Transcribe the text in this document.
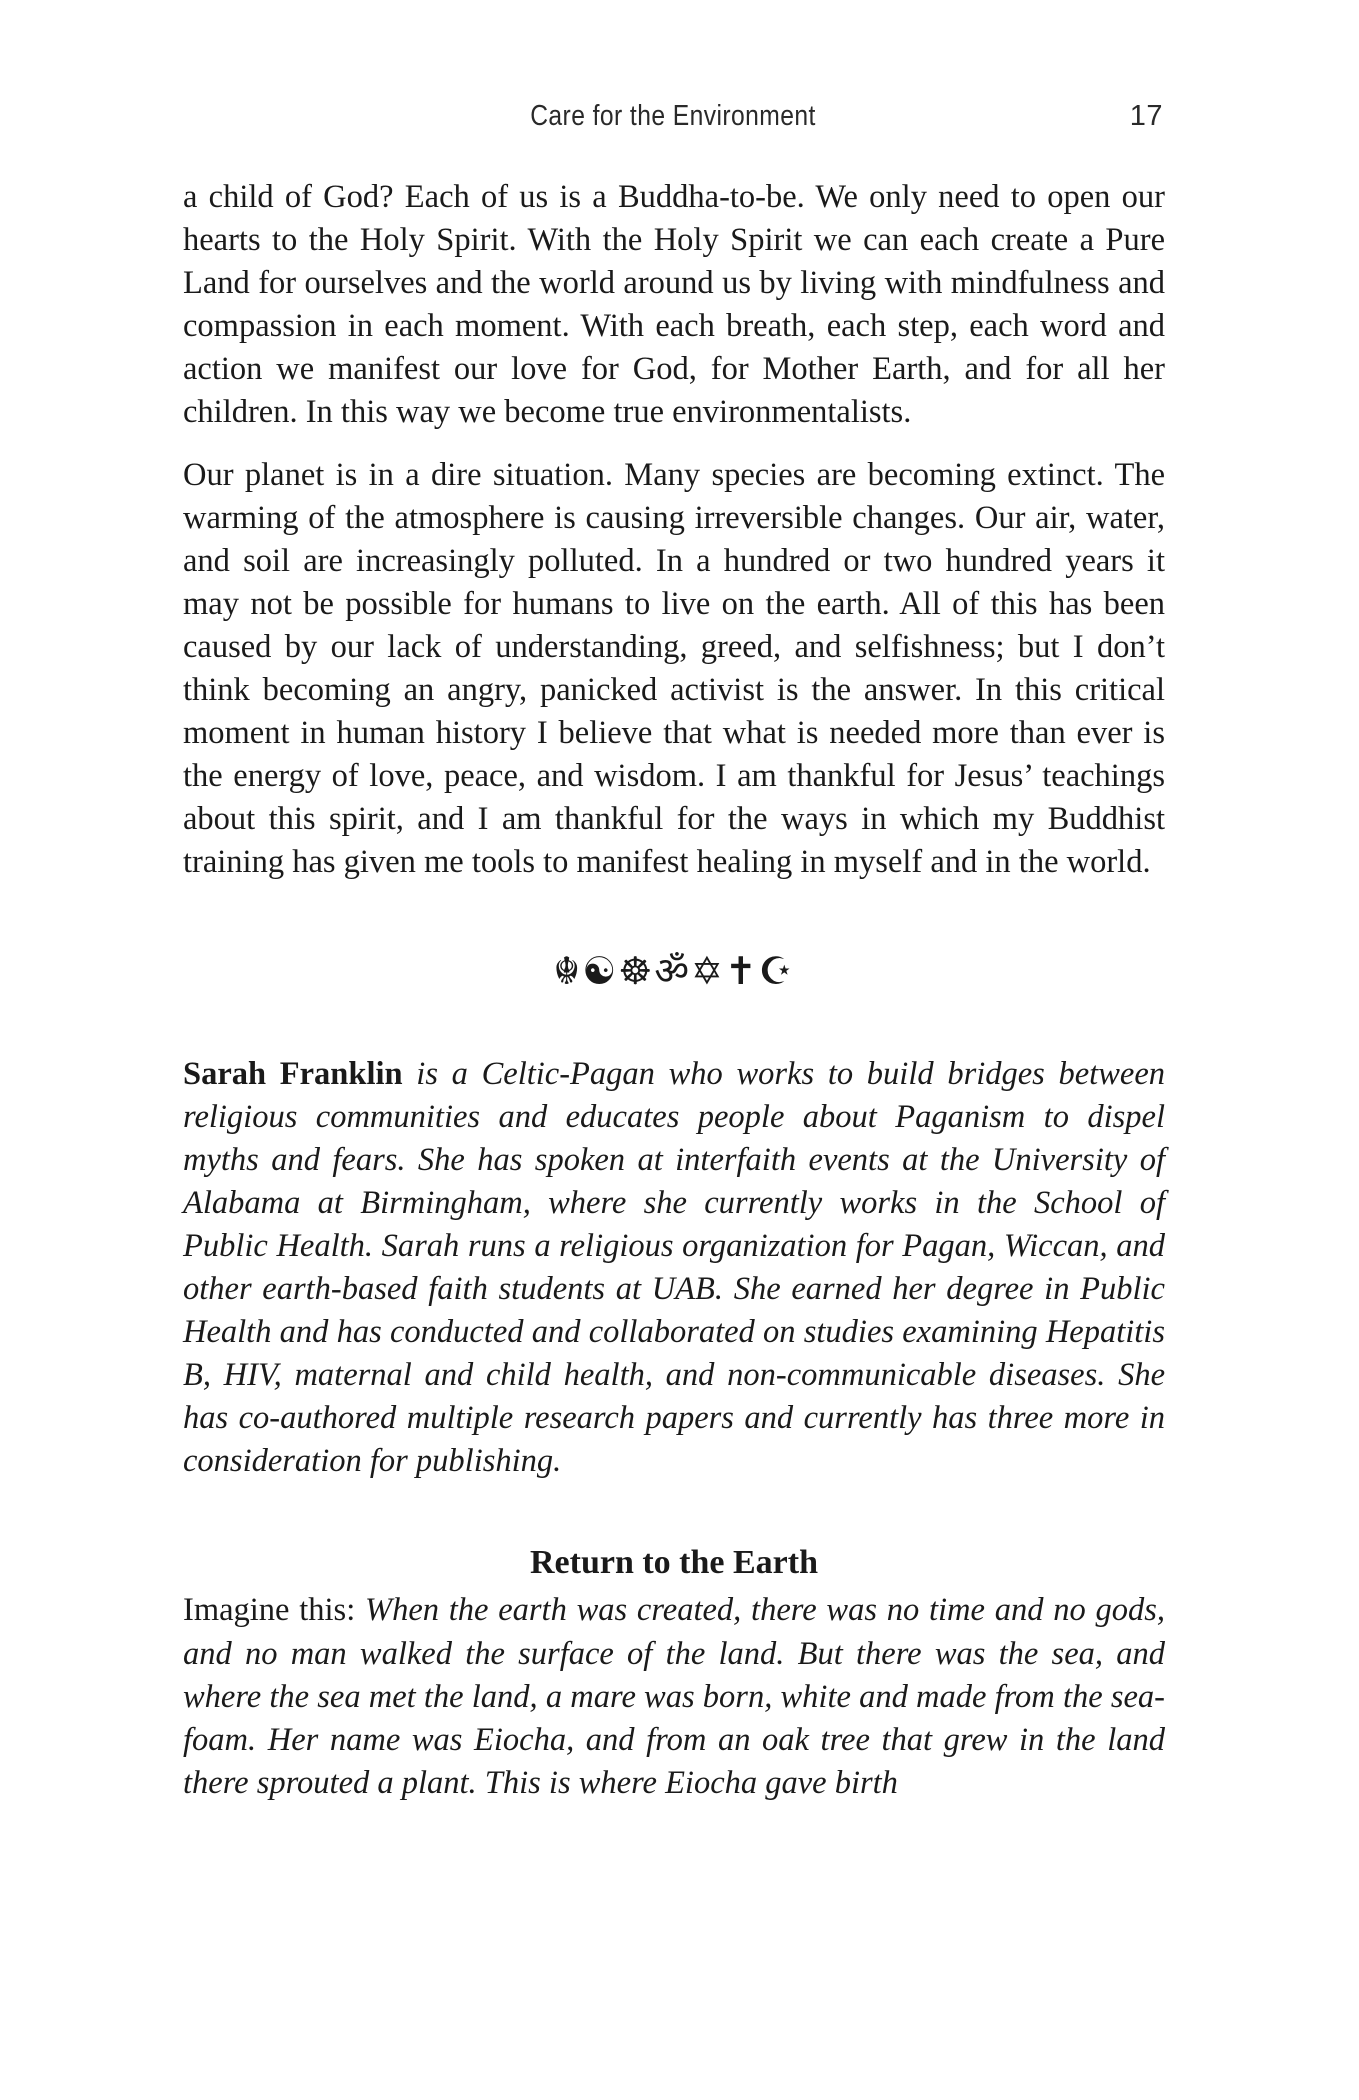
Care for the Environment	17

a child of God? Each of us is a Buddha-to-be. We only need to open our hearts to the Holy Spirit. With the Holy Spirit we can each create a Pure Land for ourselves and the world around us by living with mindfulness and compassion in each moment. With each breath, each step, each word and action we manifest our love for God, for Mother Earth, and for all her children. In this way we become true environmentalists.

Our planet is in a dire situation. Many species are becoming extinct. The warming of the atmosphere is causing irreversible changes. Our air, water, and soil are increasingly polluted. In a hundred or two hundred years it may not be possible for humans to live on the earth. All of this has been caused by our lack of understanding, greed, and selfishness; but I don’t think becoming an angry, panicked activist is the answer. In this critical moment in human history I believe that what is needed more than ever is the energy of love, peace, and wisdom. I am thankful for Jesus’ teachings about this spirit, and I am thankful for the ways in which my Buddhist training has given me tools to manifest healing in myself and in the world.

☬☯☸ॐ✡✝☪

Sarah Franklin is a Celtic-Pagan who works to build bridges between religious communities and educates people about Paganism to dispel myths and fears. She has spoken at interfaith events at the University of Alabama at Birmingham, where she currently works in the School of Public Health. Sarah runs a religious organization for Pagan, Wiccan, and other earth-based faith students at UAB. She earned her degree in Public Health and has conducted and collaborated on studies examining Hepatitis B, HIV, maternal and child health, and non-communicable diseases. She has co-authored multiple research papers and currently has three more in consideration for publishing.

Return to the Earth

Imagine this: When the earth was created, there was no time and no gods, and no man walked the surface of the land. But there was the sea, and where the sea met the land, a mare was born, white and made from the sea-foam. Her name was Eiocha, and from an oak tree that grew in the land there sprouted a plant. This is where Eiocha gave birth
